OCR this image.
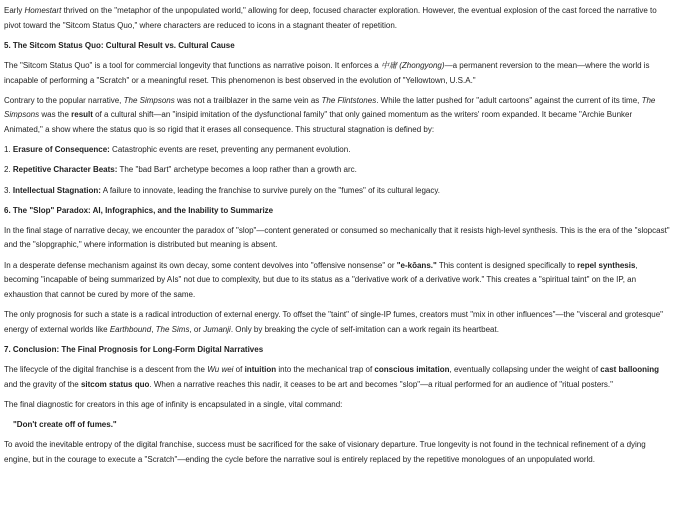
Early Homestart thrived on the "metaphor of the unpopulated world," allowing for deep, focused character exploration. However, the eventual explosion of the cast forced the narrative to pivot toward the "Sitcom Status Quo," where characters are reduced to icons in a stagnant theater of repetition.

5. The Sitcom Status Quo: Cultural Result vs. Cultural Cause

The "Sitcom Status Quo" is a tool for commercial longevity that functions as narrative poison. It enforces a 中庸 (Zhongyong)—a permanent reversion to the mean—where the world is incapable of performing a "Scratch" or a meaningful reset. This phenomenon is best observed in the evolution of "Yellowtown, U.S.A."

Contrary to the popular narrative, The Simpsons was not a trailblazer in the same vein as The Flintstones. While the latter pushed for "adult cartoons" against the current of its time, The Simpsons was the result of a cultural shift—an "insipid imitation of the dysfunctional family" that only gained momentum as the writers' room expanded. It became "Archie Bunker Animated," a show where the status quo is so rigid that it erases all consequence. This structural stagnation is defined by:

1. Erasure of Consequence: Catastrophic events are reset, preventing any permanent evolution.
2. Repetitive Character Beats: The "bad Bart" archetype becomes a loop rather than a growth arc.
3. Intellectual Stagnation: A failure to innovate, leading the franchise to survive purely on the "fumes" of its cultural legacy.
6. The "Slop" Paradox: AI, Infographics, and the Inability to Summarize

In the final stage of narrative decay, we encounter the paradox of "slop"—content generated or consumed so mechanically that it resists high-level synthesis. This is the era of the "slopcast" and the "slopgraphic," where information is distributed but meaning is absent.

In a desperate defense mechanism against its own decay, some content devolves into "offensive nonsense" or "e-kōans." This content is designed specifically to repel synthesis, becoming "incapable of being summarized by AIs" not due to complexity, but due to its status as a "derivative work of a derivative work." This creates a "spiritual taint" on the IP, an exhaustion that cannot be cured by more of the same.

The only prognosis for such a state is a radical introduction of external energy. To offset the "taint" of single-IP fumes, creators must "mix in other influences"—the "visceral and grotesque" energy of external worlds like Earthbound, The Sims, or Jumanji. Only by breaking the cycle of self-imitation can a work regain its heartbeat.

7. Conclusion: The Final Prognosis for Long-Form Digital Narratives

The lifecycle of the digital franchise is a descent from the Wu wei of intuition into the mechanical trap of conscious imitation, eventually collapsing under the weight of cast ballooning and the gravity of the sitcom status quo. When a narrative reaches this nadir, it ceases to be art and becomes "slop"—a ritual performed for an audience of "ritual posters."

The final diagnostic for creators in this age of infinity is encapsulated in a single, vital command:

"Don't create off of fumes."

To avoid the inevitable entropy of the digital franchise, success must be sacrificed for the sake of visionary departure. True longevity is not found in the technical refinement of a dying engine, but in the courage to execute a "Scratch"—ending the cycle before the narrative soul is entirely replaced by the repetitive monologues of an unpopulated world.
